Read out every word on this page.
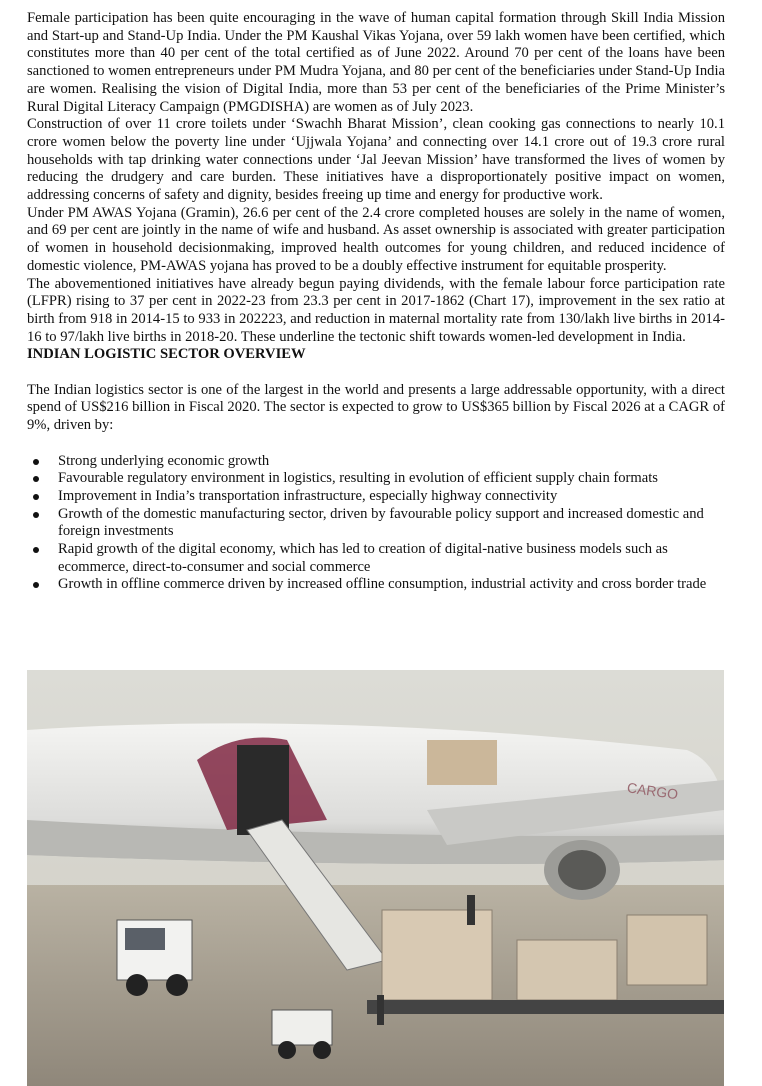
Female participation has been quite encouraging in the wave of human capital formation through Skill India Mission and Start-up and Stand-Up India. Under the PM Kaushal Vikas Yojana, over 59 lakh women have been certified, which constitutes more than 40 per cent of the total certified as of June 2022. Around 70 per cent of the loans have been sanctioned to women entrepreneurs under PM Mudra Yojana, and 80 per cent of the beneficiaries under Stand-Up India are women. Realising the vision of Digital India, more than 53 per cent of the beneficiaries of the Prime Minister’s Rural Digital Literacy Campaign (PMGDISHA) are women as of July 2023.

Construction of over 11 crore toilets under ‘Swachh Bharat Mission’, clean cooking gas connections to nearly 10.1 crore women below the poverty line under ‘Ujjwala Yojana’ and connecting over 14.1 crore out of 19.3 crore rural households with tap drinking water connections under ‘Jal Jeevan Mission’ have transformed the lives of women by reducing the drudgery and care burden. These initiatives have a disproportionately positive impact on women, addressing concerns of safety and dignity, besides freeing up time and energy for productive work.

Under PM AWAS Yojana (Gramin), 26.6 per cent of the 2.4 crore completed houses are solely in the name of women, and 69 per cent are jointly in the name of wife and husband. As asset ownership is associated with greater participation of women in household decisionmaking, improved health outcomes for young children, and reduced incidence of domestic violence, PM-AWAS yojana has proved to be a doubly effective instrument for equitable prosperity.

The abovementioned initiatives have already begun paying dividends, with the female labour force participation rate (LFPR) rising to 37 per cent in 2022-23 from 23.3 per cent in 2017-1862 (Chart 17), improvement in the sex ratio at birth from 918 in 2014-15 to 933 in 202223, and reduction in maternal mortality rate from 130/lakh live births in 2014-16 to 97/lakh live births in 2018-20. These underline the tectonic shift towards women-led development in India.

INDIAN LOGISTIC SECTOR OVERVIEW

The Indian logistics sector is one of the largest in the world and presents a large addressable opportunity, with a direct spend of US$216 billion in Fiscal 2020. The sector is expected to grow to US$365 billion by Fiscal 2026 at a CAGR of 9%, driven by:

Strong underlying economic growth
Favourable regulatory environment in logistics, resulting in evolution of efficient supply chain formats
Improvement in India’s transportation infrastructure, especially highway connectivity
Growth of the domestic manufacturing sector, driven by favourable policy support and increased domestic and foreign investments
Rapid growth of the digital economy, which has led to creation of digital-native business models such as ecommerce, direct-to-consumer and social commerce
Growth in offline commerce driven by increased offline consumption, industrial activity and cross border trade
CARGO
